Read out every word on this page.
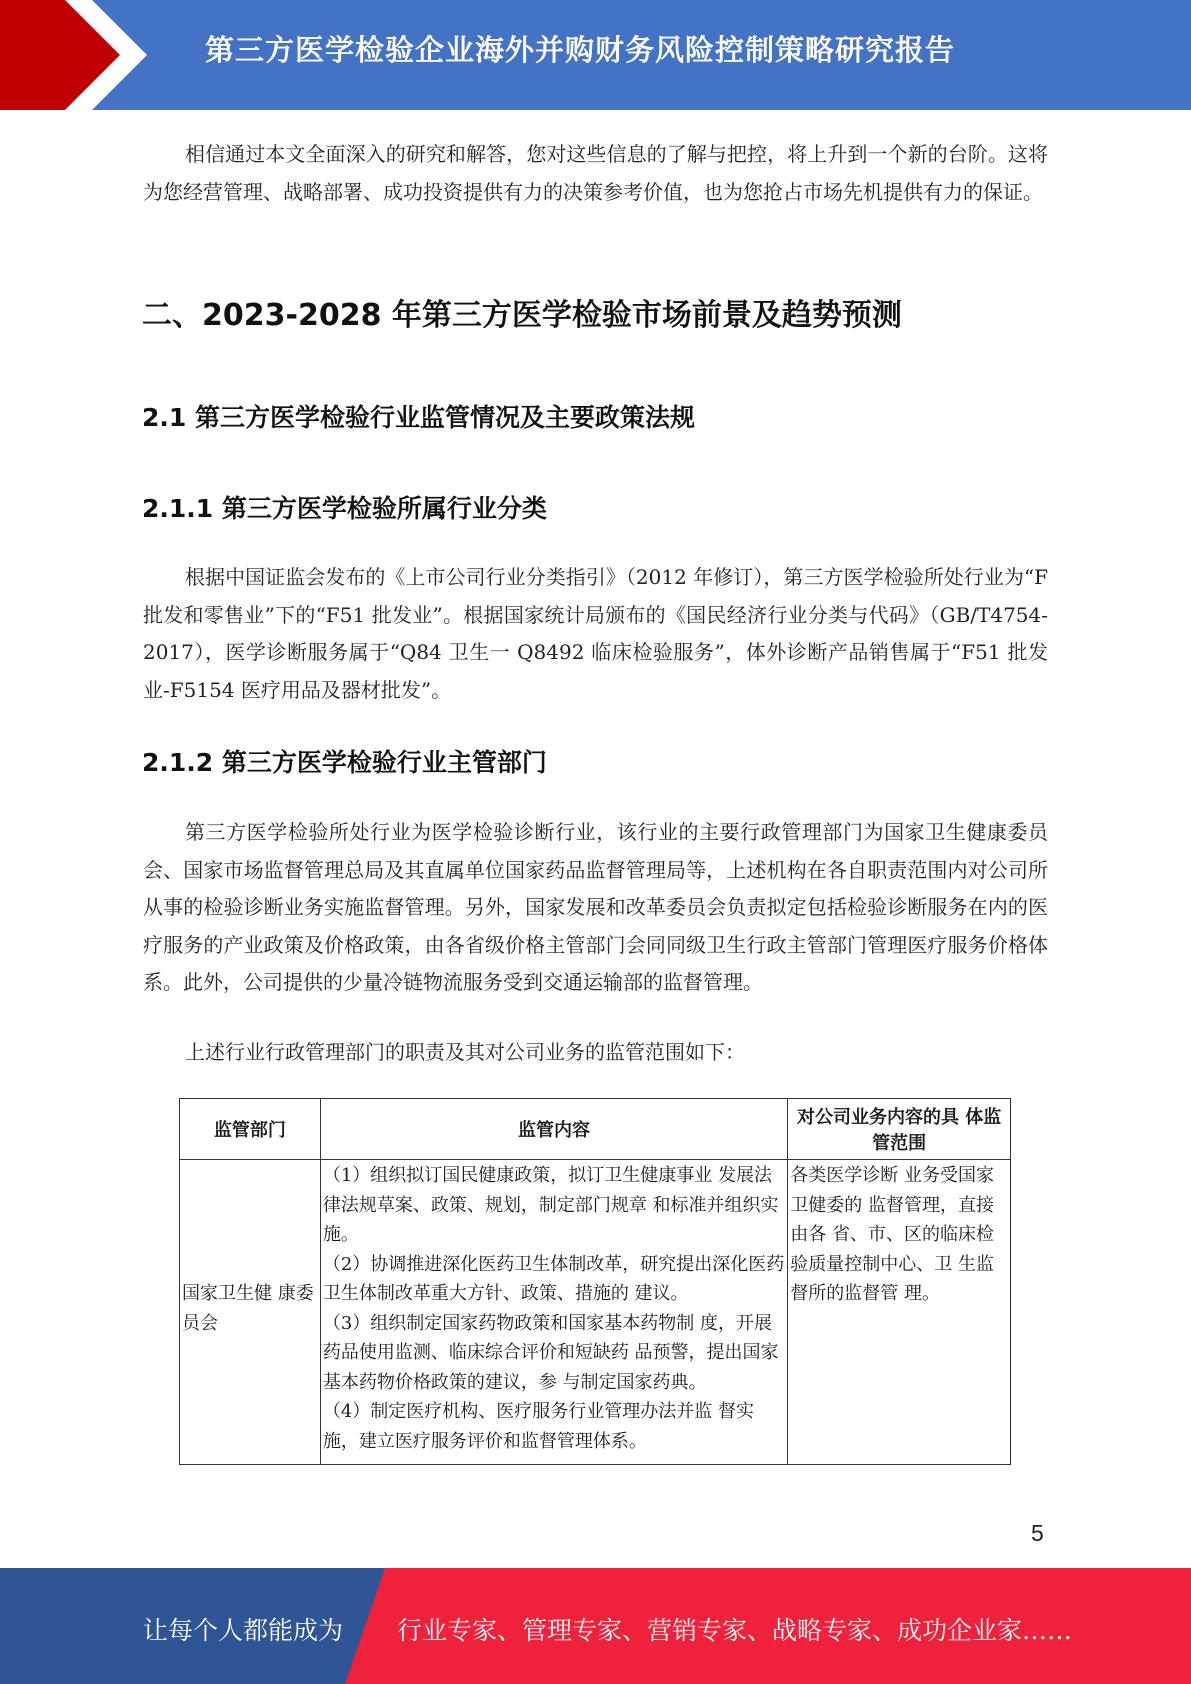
第三方医学检验企业海外并购财务风险控制策略研究报告

相信通过本文全面深入的研究和解答，您对这些信息的了解与把控，将上升到一个新的台阶。这将为您经营管理、战略部署、成功投资提供有力的决策参考价值，也为您抢占市场先机提供有力的保证。

二、2023-2028 年第三方医学检验市场前景及趋势预测
2.1 第三方医学检验行业监管情况及主要政策法规
2.1.1 第三方医学检验所属行业分类

根据中国证监会发布的《上市公司行业分类指引》（2012 年修订），第三方医学检验所处行业为“F 批发和零售业”下的“F51 批发业”。根据国家统计局颁布的《国民经济行业分类与代码》（GB/T4754-2017），医学诊断服务属于“Q84 卫生一 Q8492 临床检验服务”，体外诊断产品销售属于“F51 批发业-F5154 医疗用品及器材批发”。

2.1.2 第三方医学检验行业主管部门

第三方医学检验所处行业为医学检验诊断行业，该行业的主要行政管理部门为国家卫生健康委员会、国家市场监督管理总局及其直属单位国家药品监督管理局等，上述机构在各自职责范围内对公司所从事的检验诊断业务实施监督管理。另外，国家发展和改革委员会负责拟定包括检验诊断服务在内的医疗服务的产业政策及价格政策，由各省级价格主管部门会同同级卫生行政主管部门管理医疗服务价格体系。此外，公司提供的少量冷链物流服务受到交通运输部的监督管理。

上述行业行政管理部门的职责及其对公司业务的监管范围如下：

监管部门	监管内容	对公司业务内容的具 体监管范围
国家卫生健 康委员会	（1）组织拟订国民健康政策，拟订卫生健康事业 发展法律法规草案、政策、规划，制定部门规章 和标准并组织实施。
（2）协调推进深化医药卫生体制改革，研究提出深化医药卫生体制改革重大方针、政策、措施的 建议。
（3）组织制定国家药物政策和国家基本药物制 度，开展药品使用监测、临床综合评价和短缺药 品预警，提出国家基本药物价格政策的建议，参 与制定国家药典。
（4）制定医疗机构、医疗服务行业管理办法并监 督实施，建立医疗服务评价和监督管理体系。	各类医学诊断 业务受国家卫健委的 监督管理，直接由各 省、市、区的临床检验质量控制中心、卫 生监督所的监督管 理。
5
让每个人都能成为 行业专家、管理专家、营销专家、战略专家、成功企业家……
